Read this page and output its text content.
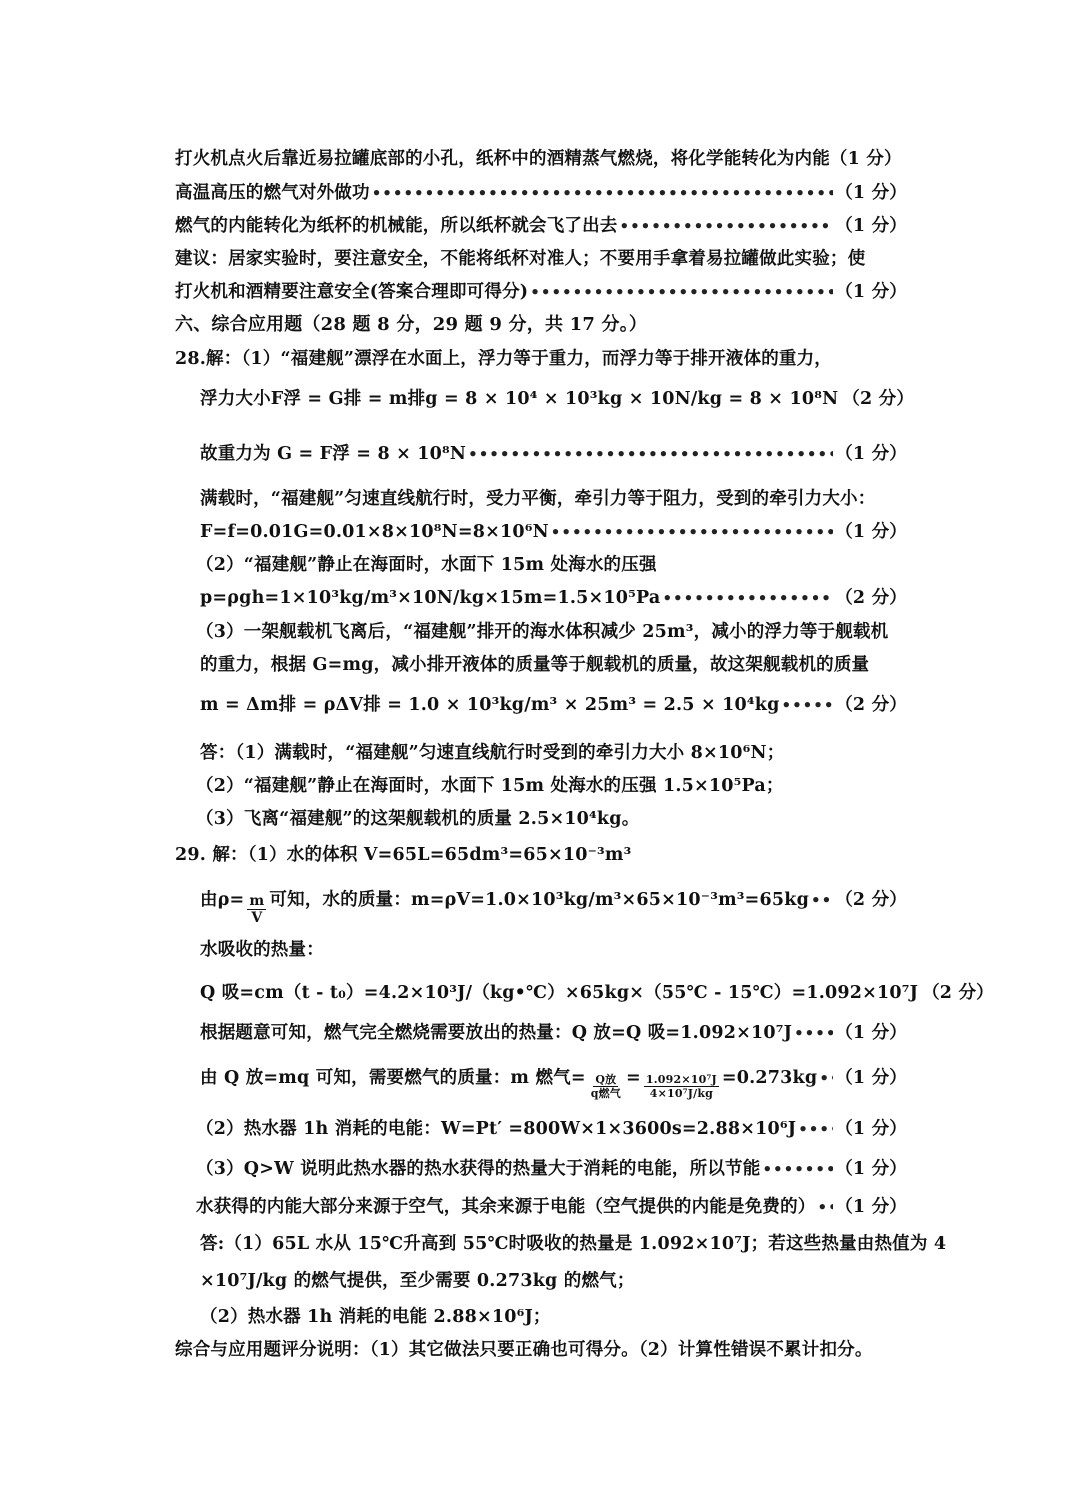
打火机点火后靠近易拉罐底部的小孔，纸杯中的酒精蒸气燃烧，将化学能转化为内能（1 分）
高温高压的燃气对外做功 •••••	（1 分）
燃气的内能转化为纸杯的机械能，所以纸杯就会飞了出去 •••••	（1 分）
建议：居家实验时，要注意安全，不能将纸杯对准人；不要用手拿着易拉罐做此实验；使
打火机和酒精要注意安全(答案合理即可得分) •••••	（1 分）
六、综合应用题（28 题 8 分，29 题 9 分，共 17 分。）
28.解：（1）“福建舰”漂浮在水面上，浮力等于重力，而浮力等于排开液体的重力，
浮力大小F浮 = G排 = m排g = 8 × 10⁴ × 10³kg × 10N/kg = 8 × 10⁸N （2 分）
故重力为 G = F浮 = 8 × 10⁸N •••••	（1 分）
满载时，“福建舰”匀速直线航行时，受力平衡，牵引力等于阻力，受到的牵引力大小：
F=f=0.01G=0.01×8×10⁸N=8×10⁶N •••••	（1 分）
（2）“福建舰”静止在海面时，水面下 15m 处海水的压强
p=ρgh=1×10³kg/m³×10N/kg×15m=1.5×10⁵Pa •••••	（2 分）
（3）一架舰载机飞离后，“福建舰”排开的海水体积减少 25m³，减小的浮力等于舰载机
的重力，根据 G=mg，减小排开液体的质量等于舰载机的质量，故这架舰载机的质量
m = Δm排 = ρΔV排 = 1.0 × 10³kg/m³ × 25m³ = 2.5 × 10⁴kg •••••	（2 分）
答：（1）满载时，“福建舰”匀速直线航行时受到的牵引力大小 8×10⁶N；
（2）“福建舰”静止在海面时，水面下 15m 处海水的压强 1.5×10⁵Pa；
（3）飞离“福建舰”的这架舰载机的质量 2.5×10⁴kg。
29. 解：（1）水的体积 V=65L=65dm³=65×10⁻³m³
由$\rho= \frac{m}{V}$ 可知，水的质量：m=ρV=1.0×10³kg/m³×65×10⁻³m³=65kg ••••• （2 分）
水吸收的热量：
Q 吸=cm（t - t₀）=4.2×10³J/（kg•℃）×65kg×（55℃ - 15℃）=1.092×10⁷J （2 分）
根据题意可知，燃气完全燃烧需要放出的热量：Q 放=Q 吸=1.092×10⁷J ••••• （1 分）
由 Q 放=mq 可知，需要燃气的质量：m 燃气= $\frac{\text{Q放}}{\text{q燃气}} = \frac{\text{1.092×10⁷J}}{\text{4×10⁷J/kg}} =0.273kg$ ••••• （1 分）
（2）热水器 1h 消耗的电能：W=Pt′ =800W×1×3600s=2.88×10⁶J ••••• （1 分）
（3）Q>W 说明此热水器的热水获得的热量大于消耗的电能，所以节能 •••••	（1 分）
水获得的内能大部分来源于空气，其余来源于电能（空气提供的内能是免费的） ••••• （1 分）
答:（1）65L 水从 15℃升高到 55℃时吸收的热量是 1.092×10⁷J；若这些热量由热值为 4
×10⁷J/kg 的燃气提供，至少需要 0.273kg 的燃气；
（2）热水器 1h 消耗的电能 2.88×10⁶J；
综合与应用题评分说明：（1）其它做法只要正确也可得分。（2）计算性错误不累计扣分。
